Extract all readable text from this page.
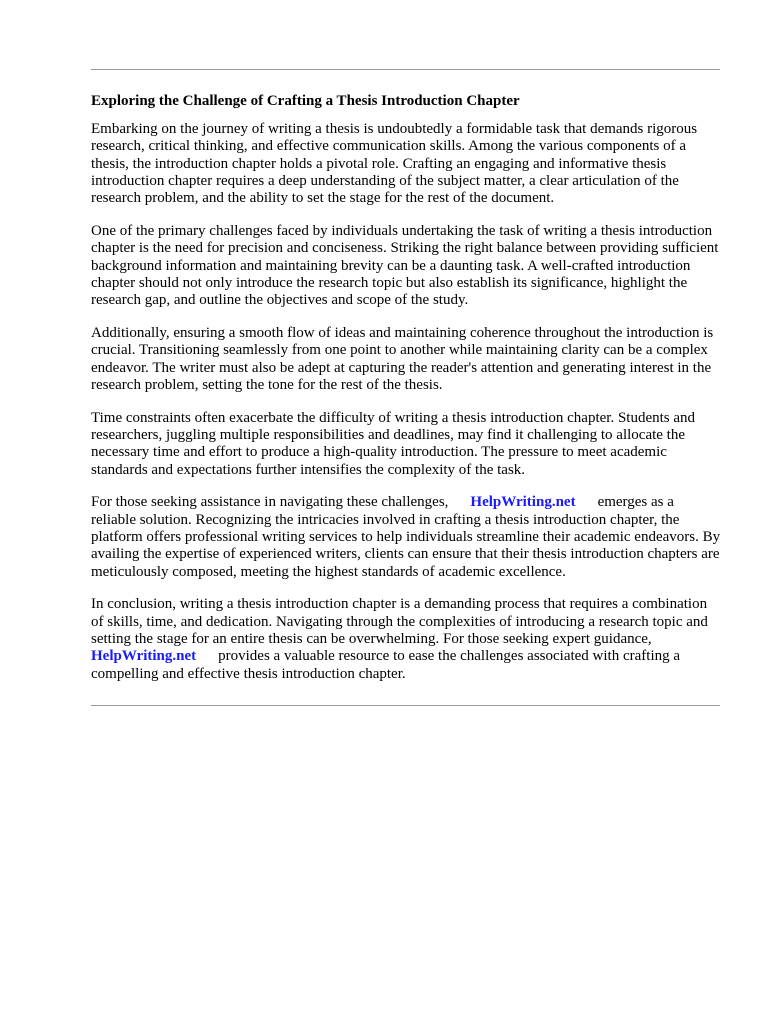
Exploring the Challenge of Crafting a Thesis Introduction Chapter

Embarking on the journey of writing a thesis is undoubtedly a formidable task that demands rigorous research, critical thinking, and effective communication skills. Among the various components of a thesis, the introduction chapter holds a pivotal role. Crafting an engaging and informative thesis introduction chapter requires a deep understanding of the subject matter, a clear articulation of the research problem, and the ability to set the stage for the rest of the document.

One of the primary challenges faced by individuals undertaking the task of writing a thesis introduction chapter is the need for precision and conciseness. Striking the right balance between providing sufficient background information and maintaining brevity can be a daunting task. A well-crafted introduction chapter should not only introduce the research topic but also establish its significance, highlight the research gap, and outline the objectives and scope of the study.

Additionally, ensuring a smooth flow of ideas and maintaining coherence throughout the introduction is crucial. Transitioning seamlessly from one point to another while maintaining clarity can be a complex endeavor. The writer must also be adept at capturing the reader's attention and generating interest in the research problem, setting the tone for the rest of the thesis.

Time constraints often exacerbate the difficulty of writing a thesis introduction chapter. Students and researchers, juggling multiple responsibilities and deadlines, may find it challenging to allocate the necessary time and effort to produce a high-quality introduction. The pressure to meet academic standards and expectations further intensifies the complexity of the task.

For those seeking assistance in navigating these challenges, HelpWriting.net emerges as a reliable solution. Recognizing the intricacies involved in crafting a thesis introduction chapter, the platform offers professional writing services to help individuals streamline their academic endeavors. By availing the expertise of experienced writers, clients can ensure that their thesis introduction chapters are meticulously composed, meeting the highest standards of academic excellence.

In conclusion, writing a thesis introduction chapter is a demanding process that requires a combination of skills, time, and dedication. Navigating through the complexities of introducing a research topic and setting the stage for an entire thesis can be overwhelming. For those seeking expert guidance,HelpWriting.net provides a valuable resource to ease the challenges associated with crafting a compelling and effective thesis introduction chapter.
